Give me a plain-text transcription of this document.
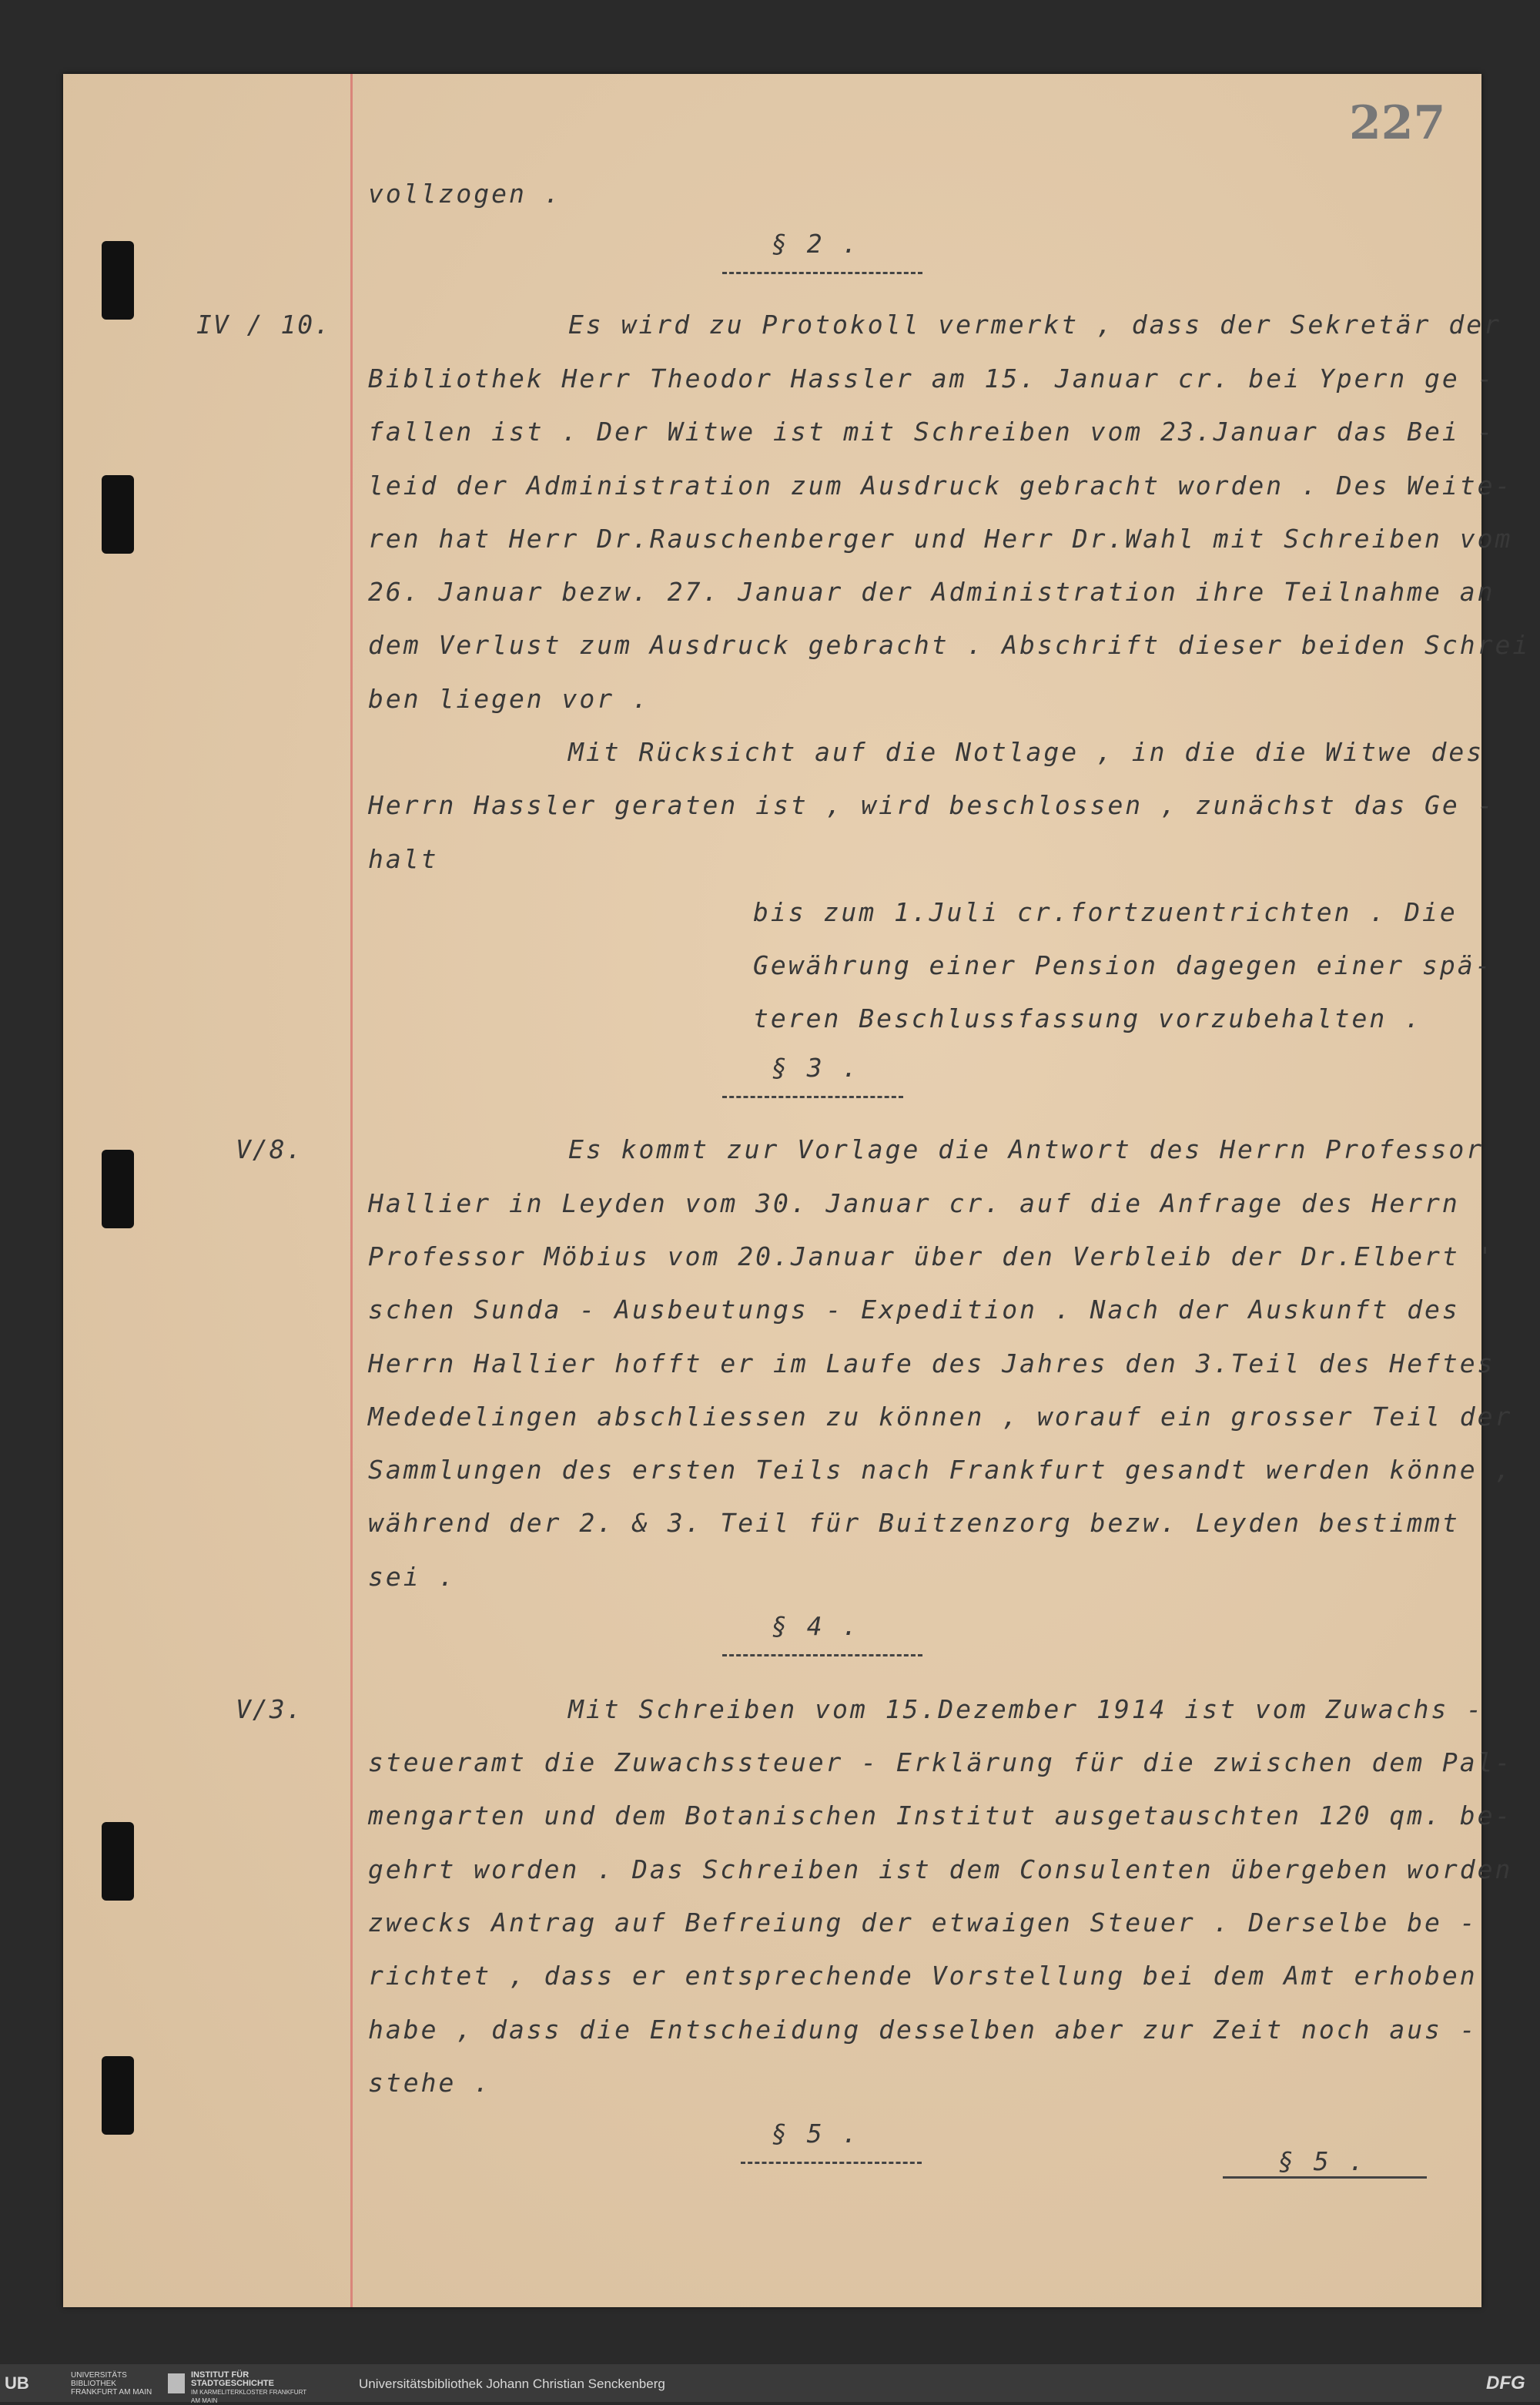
227
IV / 10.
V/8.
V/3.
§ 2 .
§ 3 .
§ 4 .
§ 5 .
§ 5 .
vollzogen .
Es wird zu Protokoll vermerkt , dass der Sekretär der
Bibliothek Herr Theodor Hassler am 15. Januar cr. bei Ypern ge -
fallen ist . Der Witwe ist mit Schreiben vom 23.Januar das Bei -
leid der Administration zum Ausdruck gebracht worden . Des Weite-
ren hat Herr Dr.Rauschenberger und Herr Dr.Wahl mit Schreiben vom
26. Januar bezw. 27. Januar der Administration ihre Teilnahme an
dem Verlust zum Ausdruck gebracht . Abschrift dieser beiden Schrei
ben liegen vor .
Mit Rücksicht auf die Notlage , in die die Witwe des
Herrn Hassler geraten ist , wird beschlossen , zunächst das Ge -
halt
bis zum 1.Juli cr.fortzuentrichten . Die
Gewährung einer Pension dagegen einer spä-
teren Beschlussfassung vorzubehalten .
Es kommt zur Vorlage die Antwort des Herrn Professor
Hallier in Leyden vom 30. Januar cr. auf die Anfrage des Herrn
Professor Möbius vom 20.Januar über den Verbleib der Dr.Elbert '
schen Sunda - Ausbeutungs - Expedition . Nach der Auskunft des
Herrn Hallier hofft er im Laufe des Jahres den 3.Teil des Heftes
Mededelingen abschliessen zu können , worauf ein grosser Teil der
Sammlungen des ersten Teils nach Frankfurt gesandt werden könne ,
während der 2. & 3. Teil für Buitzenzorg bezw. Leyden bestimmt
sei .
Mit Schreiben vom 15.Dezember 1914 ist vom Zuwachs -
steueramt die Zuwachssteuer - Erklärung für die zwischen dem Pal-
mengarten und dem Botanischen Institut ausgetauschten 120 qm. be-
gehrt worden . Das Schreiben ist dem Consulenten übergeben worden
zwecks Antrag auf Befreiung der etwaigen Steuer . Derselbe be -
richtet , dass er entsprechende Vorstellung bei dem Amt erhoben
habe , dass die Entscheidung desselben aber zur Zeit noch aus -
stehe .
UB	UNIVERSITÄTS BIBLIOTHEK
FRANKFURT AM MAIN
INSTITUT FÜR STADTGESCHICHTE
IM KARMELITERKLOSTER FRANKFURT AM MAIN
Universitätsbibliothek Johann Christian Senckenberg	DFG
